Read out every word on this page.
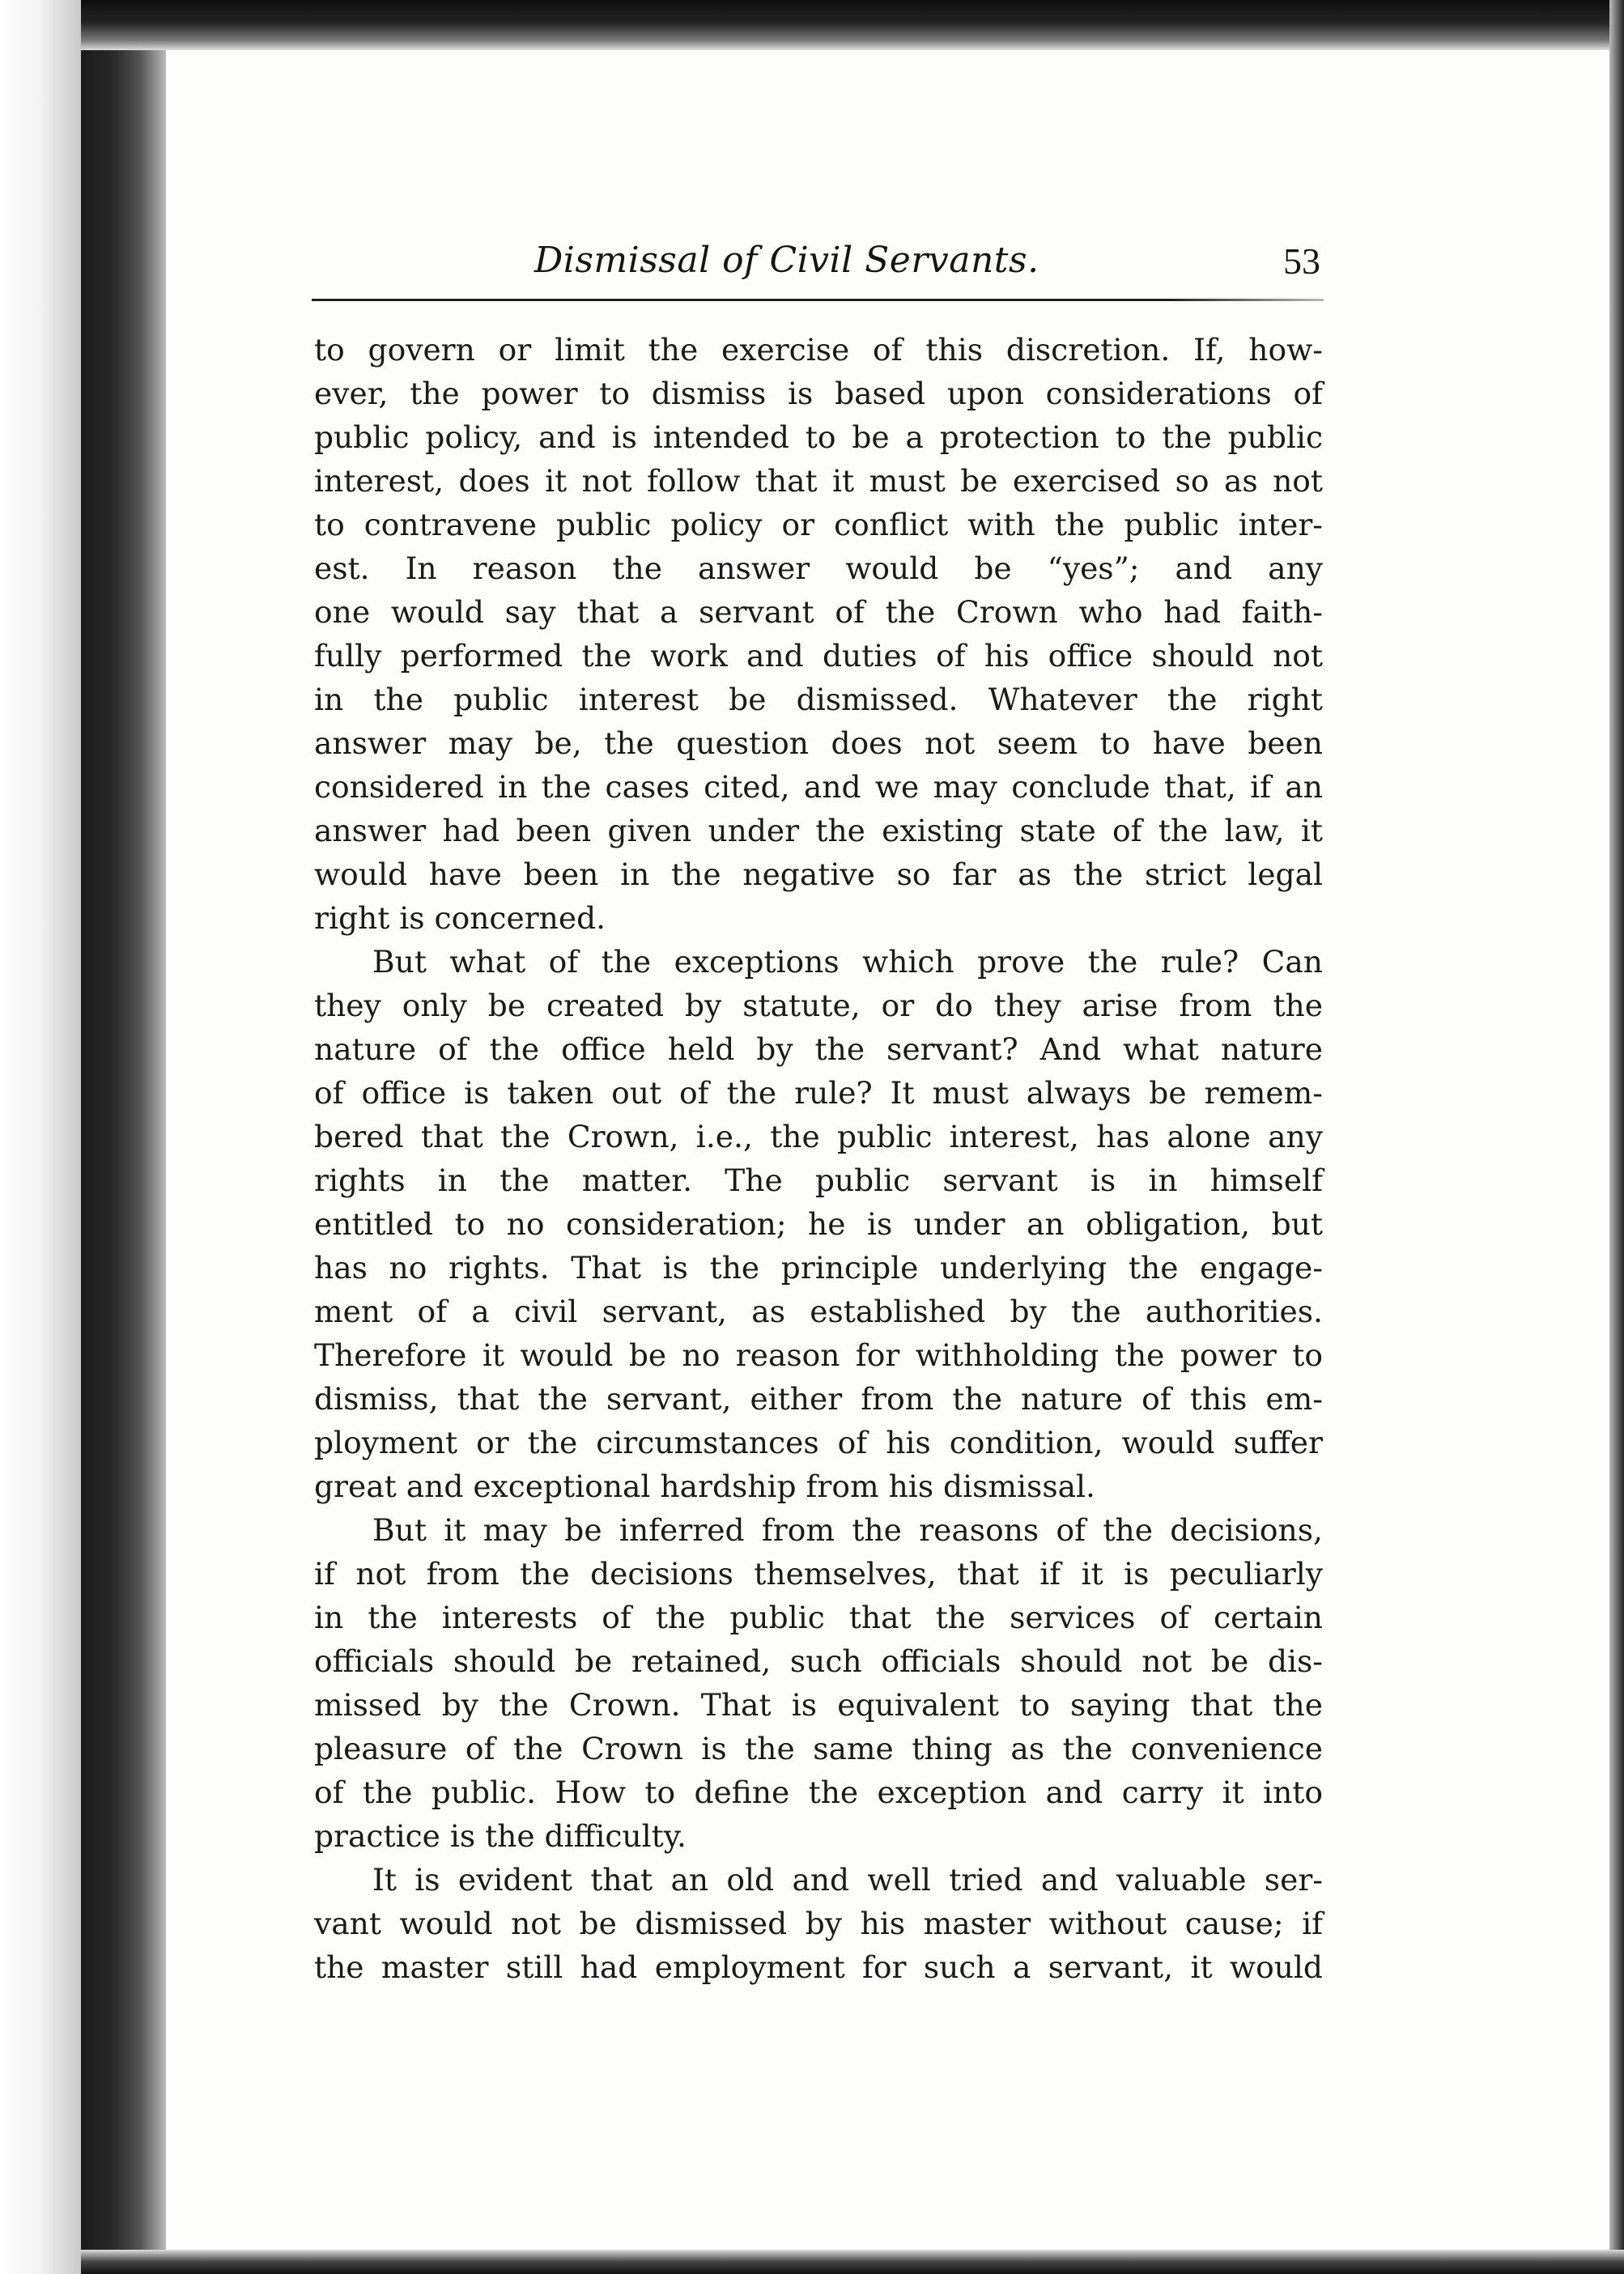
Dismissal of Civil Servants.	53
to govern or limit the exercise of this discretion. If, how-
ever, the power to dismiss is based upon considerations of
public policy, and is intended to be a protection to the public
interest, does it not follow that it must be exercised so as not
to contravene public policy or conflict with the public inter-
est. In reason the answer would be “yes”; and any
one would say that a servant of the Crown who had faith-
fully performed the work and duties of his office should not
in the public interest be dismissed. Whatever the right
answer may be, the question does not seem to have been
considered in the cases cited, and we may conclude that, if an
answer had been given under the existing state of the law, it
would have been in the negative so far as the strict legal
right is concerned.
But what of the exceptions which prove the rule? Can
they only be created by statute, or do they arise from the
nature of the office held by the servant? And what nature
of office is taken out of the rule? It must always be remem-
bered that the Crown, i.e., the public interest, has alone any
rights in the matter. The public servant is in himself
entitled to no consideration; he is under an obligation, but
has no rights. That is the principle underlying the engage-
ment of a civil servant, as established by the authorities.
Therefore it would be no reason for withholding the power to
dismiss, that the servant, either from the nature of this em-
ployment or the circumstances of his condition, would suffer
great and exceptional hardship from his dismissal.
But it may be inferred from the reasons of the decisions,
if not from the decisions themselves, that if it is peculiarly
in the interests of the public that the services of certain
officials should be retained, such officials should not be dis-
missed by the Crown. That is equivalent to saying that the
pleasure of the Crown is the same thing as the convenience
of the public. How to define the exception and carry it into
practice is the difficulty.
It is evident that an old and well tried and valuable ser-
vant would not be dismissed by his master without cause; if
the master still had employment for such a servant, it would
